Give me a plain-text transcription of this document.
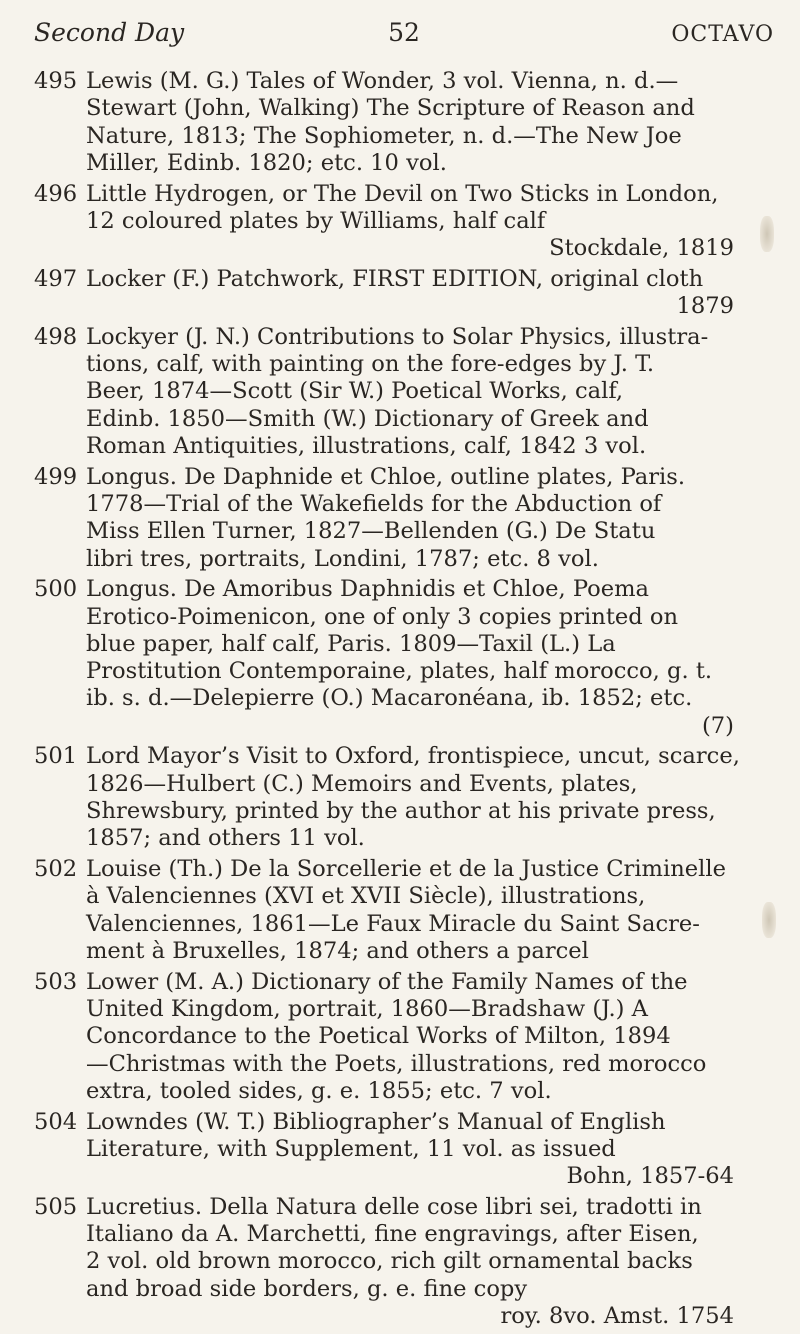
Second Day	52	OCTAVO
495 Lewis (M. G.) Tales of Wonder, 3 vol. Vienna, n. d.—
Stewart (John, Walking) The Scripture of Reason and
Nature, 1813; The Sophiometer, n. d.—The New Joe
Miller, Edinb. 1820; etc. 10 vol.
496 Little Hydrogen, or The Devil on Two Sticks in London,
12 coloured plates by Williams, half calf
Stockdale, 1819
497 Locker (F.) Patchwork, FIRST EDITION, original cloth
1879
498 Lockyer (J. N.) Contributions to Solar Physics, illustra-
tions, calf, with painting on the fore-edges by J. T.
Beer, 1874—Scott (Sir W.) Poetical Works, calf,
Edinb. 1850—Smith (W.) Dictionary of Greek and
Roman Antiquities, illustrations, calf, 1842 3 vol.
499 Longus. De Daphnide et Chloe, outline plates, Paris.
1778—Trial of the Wakefields for the Abduction of
Miss Ellen Turner, 1827—Bellenden (G.) De Statu
libri tres, portraits, Londini, 1787; etc. 8 vol.
500 Longus. De Amoribus Daphnidis et Chloe, Poema
Erotico-Poimenicon, one of only 3 copies printed on
blue paper, half calf, Paris. 1809—Taxil (L.) La
Prostitution Contemporaine, plates, half morocco, g. t.
ib. s. d.—Delepierre (O.) Macaronéana, ib. 1852; etc.
(7)
501 Lord Mayor’s Visit to Oxford, frontispiece, uncut, scarce,
1826—Hulbert (C.) Memoirs and Events, plates,
Shrewsbury, printed by the author at his private press,
1857; and others 11 vol.
502 Louise (Th.) De la Sorcellerie et de la Justice Criminelle
à Valenciennes (XVI et XVII Siècle), illustrations,
Valenciennes, 1861—Le Faux Miracle du Saint Sacre-
ment à Bruxelles, 1874; and others a parcel
503 Lower (M. A.) Dictionary of the Family Names of the
United Kingdom, portrait, 1860—Bradshaw (J.) A
Concordance to the Poetical Works of Milton, 1894
—Christmas with the Poets, illustrations, red morocco
extra, tooled sides, g. e. 1855; etc. 7 vol.
504 Lowndes (W. T.) Bibliographer’s Manual of English
Literature, with Supplement, 11 vol. as issued
Bohn, 1857-64
505 Lucretius. Della Natura delle cose libri sei, tradotti in
Italiano da A. Marchetti, fine engravings, after Eisen,
2 vol. old brown morocco, rich gilt ornamental backs
and broad side borders, g. e. fine copy
roy. 8vo. Amst. 1754
